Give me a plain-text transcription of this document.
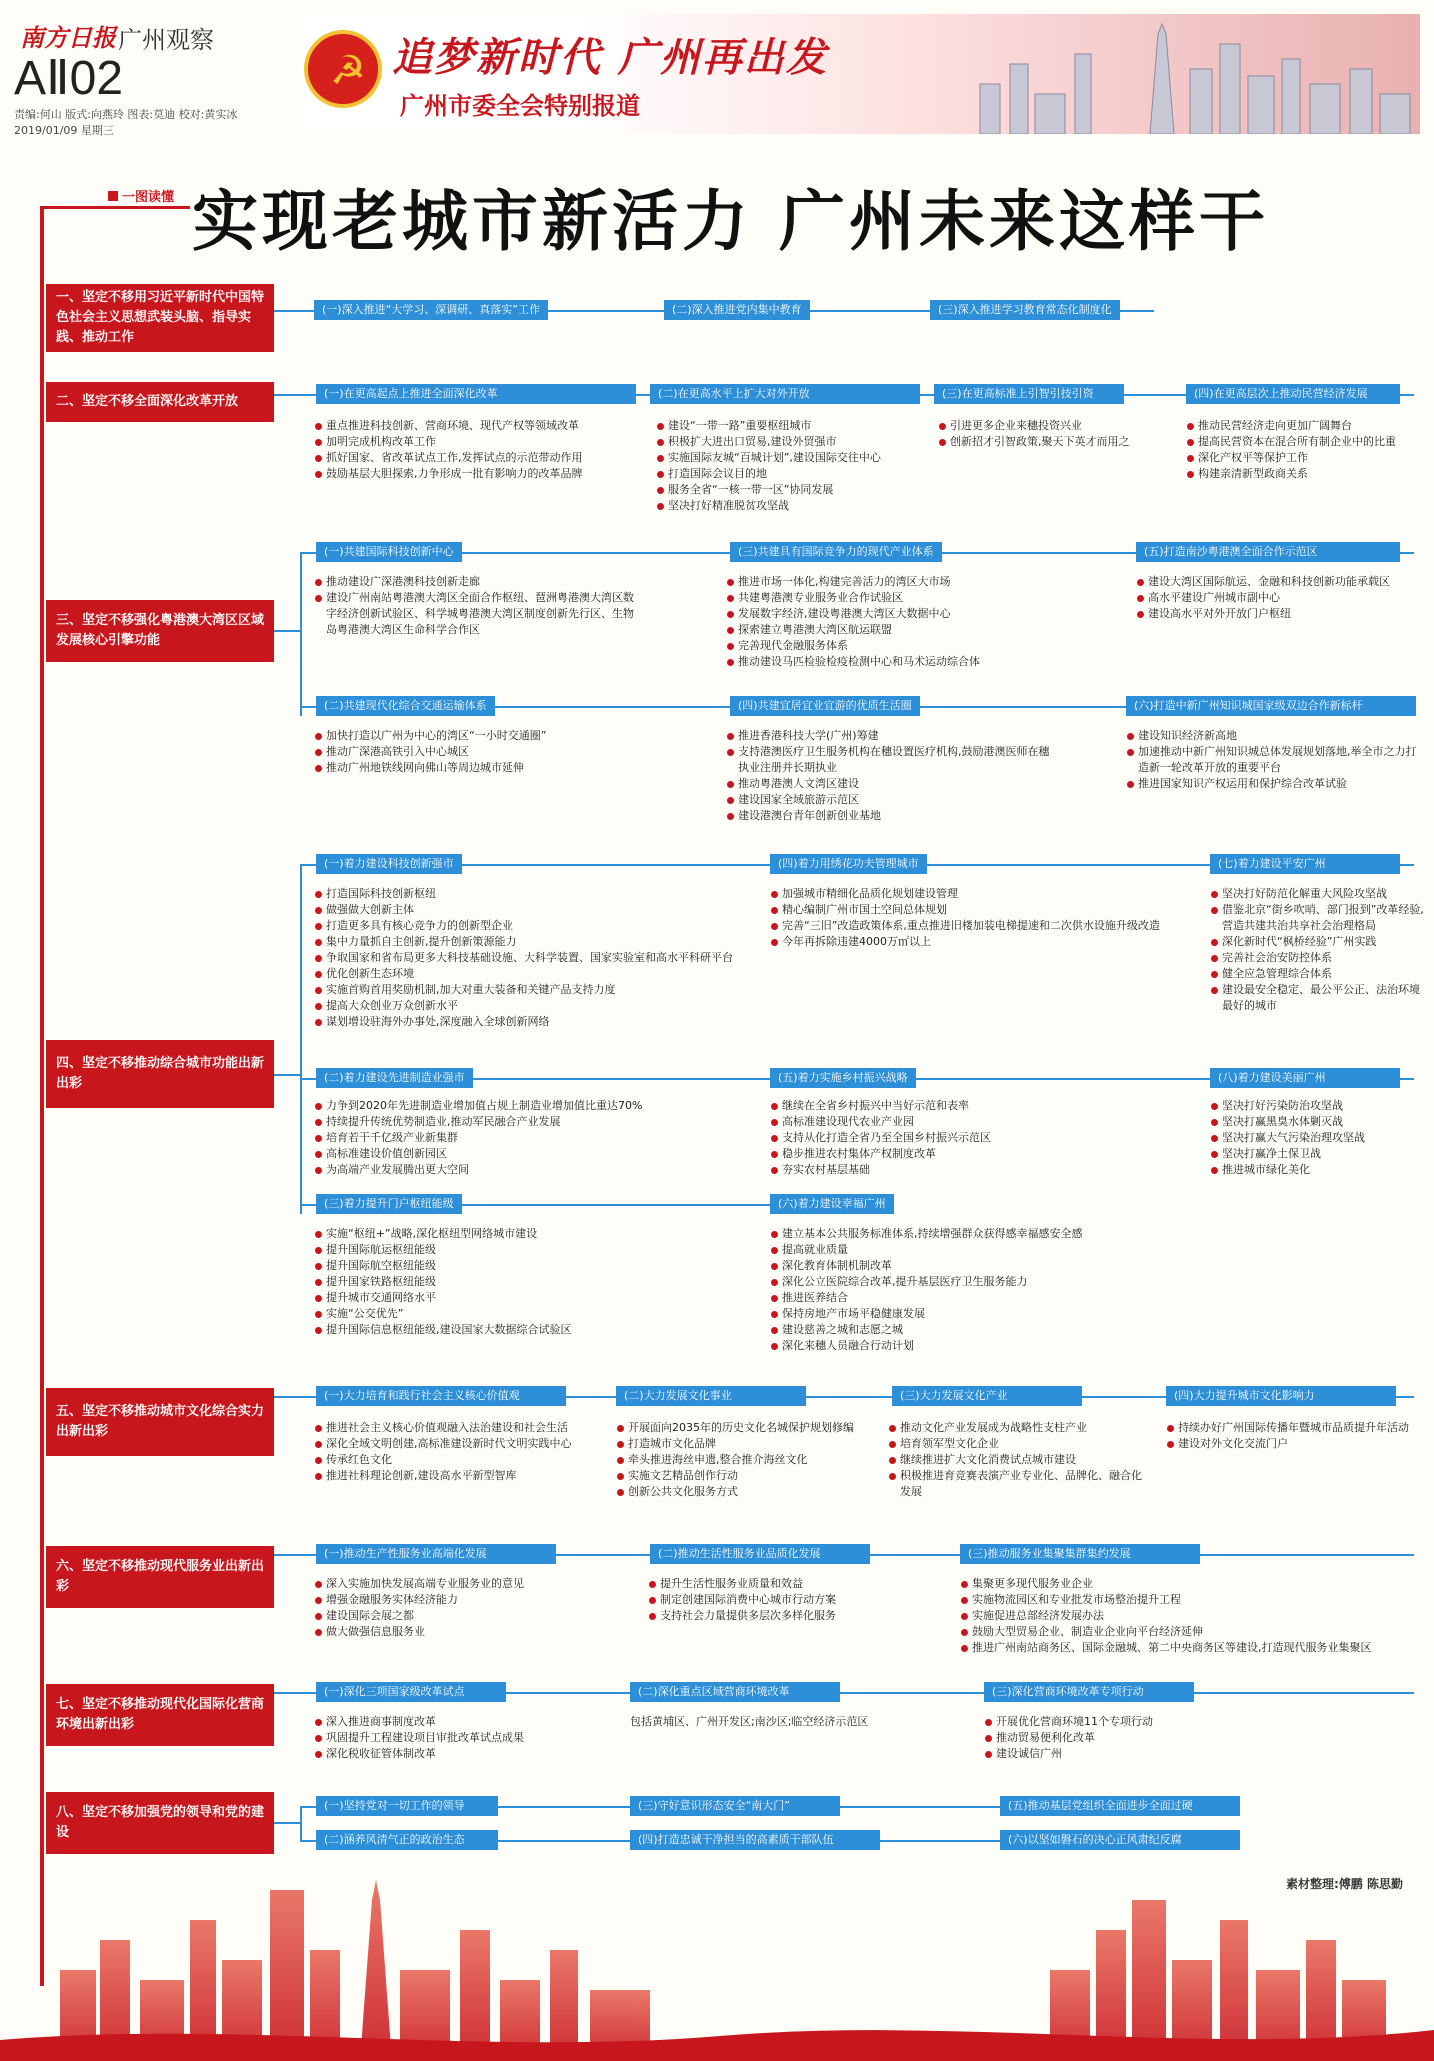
南方日报 广州观察
AⅡ02
责编:何山 版式:向燕玲 图表:莫迪 校对:黄实冰
2019/01/09 星期三
☭ 追梦新时代 广州再出发
广州市委全会特别报道
一图读懂 实现老城市新活力 广州未来这样干
一、坚定不移用习近平新时代中国特色社会主义思想武装头脑、指导实践、推动工作
(一)深入推进“大学习、深调研、真落实”工作	(二)深入推进党内集中教育	(三)深入推进学习教育常态化制度化
二、坚定不移全面深化改革开放
(一)在更高起点上推进全面深化改革	(二)在更高水平上扩大对外开放	(三)在更高标准上引智引技引资	(四)在更高层次上推动民营经济发展
重点推进科技创新、营商环境、现代产权等领域改革
加明完成机构改革工作
抓好国家、省改革试点工作,发挥试点的示范带动作用
鼓励基层大胆探索,力争形成一批有影响力的改革品牌
建设“一带一路”重要枢纽城市
积极扩大进出口贸易,建设外贸强市
实施国际友城“百城计划”,建设国际交往中心
打造国际会议目的地
服务全省“一核一带一区”协同发展
坚决打好精准脱贫攻坚战
引进更多企业来穗投资兴业
创新招才引智政策,聚天下英才而用之
推动民营经济走向更加广阔舞台
提高民营资本在混合所有制企业中的比重
深化产权平等保护工作
构建亲清新型政商关系
三、坚定不移强化粤港澳大湾区区域发展核心引擎功能
(一)共建国际科技创新中心	(三)共建具有国际竞争力的现代产业体系	(五)打造南沙粤港澳全面合作示范区
推动建设广深港澳科技创新走廊
建设广州南站粤港澳大湾区全面合作枢纽、琶洲粤港澳大湾区数字经济创新试验区、科学城粤港澳大湾区制度创新先行区、生物岛粤港澳大湾区生命科学合作区
推进市场一体化,构建完善活力的湾区大市场
共建粤港澳专业服务业合作试验区
发展数字经济,建设粤港澳大湾区大数据中心
探索建立粤港澳大湾区航运联盟
完善现代金融服务体系
推动建设马匹检验检疫检测中心和马术运动综合体
建设大湾区国际航运、金融和科技创新功能承载区
高水平建设广州城市副中心
建设高水平对外开放门户枢纽
(二)共建现代化综合交通运输体系	(四)共建宜居宜业宜游的优质生活圈	(六)打造中新广州知识城国家级双边合作新标杆
加快打造以广州为中心的湾区“一小时交通圈”
推动广深港高铁引入中心城区
推动广州地铁线网向佛山等周边城市延伸
推进香港科技大学(广州)筹建
支持港澳医疗卫生服务机构在穗设置医疗机构,鼓励港澳医师在穗执业注册并长期执业
推动粤港澳人文湾区建设
建设国家全域旅游示范区
建设港澳台青年创新创业基地
建设知识经济新高地
加速推动中新广州知识城总体发展规划落地,举全市之力打造新一轮改革开放的重要平台
推进国家知识产权运用和保护综合改革试验
四、坚定不移推动综合城市功能出新出彩
(一)着力建设科技创新强市	(四)着力用绣花功夫管理城市	(七)着力建设平安广州
打造国际科技创新枢纽
做强做大创新主体
打造更多具有核心竞争力的创新型企业
集中力量抓自主创新,提升创新策源能力
争取国家和省布局更多大科技基础设施、大科学装置、国家实验室和高水平科研平台
优化创新生态环境
实施首购首用奖励机制,加大对重大装备和关键产品支持力度
提高大众创业万众创新水平
谋划增设驻海外办事处,深度融入全球创新网络
加强城市精细化品质化规划建设管理
精心编制广州市国土空间总体规划
完善“三旧”改造政策体系,重点推进旧楼加装电梯提速和二次供水设施升级改造
今年再拆除违建4000万㎡以上
坚决打好防范化解重大风险攻坚战
借鉴北京“街乡吹哨、部门报到”改革经验,营造共建共治共享社会治理格局
深化新时代“枫桥经验”广州实践
完善社会治安防控体系
健全应急管理综合体系
建设最安全稳定、最公平公正、法治环境最好的城市
(二)着力建设先进制造业强市	(五)着力实施乡村振兴战略	(八)着力建设美丽广州
力争到2020年先进制造业增加值占规上制造业增加值比重达70%
持续提升传统优势制造业,推动军民融合产业发展
培育若干千亿级产业新集群
高标准建设价值创新园区
为高端产业发展腾出更大空间
继续在全省乡村振兴中当好示范和表率
高标准建设现代农业产业园
支持从化打造全省乃至全国乡村振兴示范区
稳步推进农村集体产权制度改革
夯实农村基层基础
坚决打好污染防治攻坚战
坚决打赢黑臭水体剿灭战
坚决打赢大气污染治理攻坚战
坚决打赢净土保卫战
推进城市绿化美化
(三)着力提升门户枢纽能级	(六)着力建设幸福广州
实施“枢纽+”战略,深化枢纽型网络城市建设
提升国际航运枢纽能级
提升国际航空枢纽能级
提升国家铁路枢纽能级
提升城市交通网络水平
实施“公交优先”
提升国际信息枢纽能级,建设国家大数据综合试验区
建立基本公共服务标准体系,持续增强群众获得感幸福感安全感
提高就业质量
深化教育体制机制改革
深化公立医院综合改革,提升基层医疗卫生服务能力
推进医养结合
保持房地产市场平稳健康发展
建设慈善之城和志愿之城
深化来穗人员融合行动计划
五、坚定不移推动城市文化综合实力出新出彩
(一)大力培育和践行社会主义核心价值观	(二)大力发展文化事业	(三)大力发展文化产业	(四)大力提升城市文化影响力
推进社会主义核心价值观融入法治建设和社会生活
深化全域文明创建,高标准建设新时代文明实践中心
传承红色文化
推进社科理论创新,建设高水平新型智库
开展面向2035年的历史文化名城保护规划修编
打造城市文化品牌
牵头推进海丝申遗,整合推介海丝文化
实施文艺精品创作行动
创新公共文化服务方式
推动文化产业发展成为战略性支柱产业
培育领军型文化企业
继续推进扩大文化消费试点城市建设
积极推进育竞赛表演产业专业化、品牌化、融合化发展
持续办好广州国际传播年暨城市品质提升年活动
建设对外文化交流门户
六、坚定不移推动现代服务业出新出彩
(一)推动生产性服务业高端化发展	(二)推动生活性服务业品质化发展	(三)推动服务业集聚集群集约发展
深入实施加快发展高端专业服务业的意见
增强金融服务实体经济能力
建设国际会展之都
做大做强信息服务业
提升生活性服务业质量和效益
制定创建国际消费中心城市行动方案
支持社会力量提供多层次多样化服务
集聚更多现代服务业企业
实施物流园区和专业批发市场整治提升工程
实施促进总部经济发展办法
鼓励大型贸易企业、制造业企业向平台经济延伸
推进广州南站商务区、国际金融城、第二中央商务区等建设,打造现代服务业集聚区
七、坚定不移推动现代化国际化营商环境出新出彩
(一)深化三项国家级改革试点	(二)深化重点区域营商环境改革	(三)深化营商环境改革专项行动
深入推进商事制度改革
巩固提升工程建设项目审批改革试点成果
深化税收征管体制改革
包括黄埔区、广州开发区;南沙区;临空经济示范区	开展优化营商环境11个专项行动
推动贸易便利化改革
建设诚信广州
八、坚定不移加强党的领导和党的建设
(一)坚持党对一切工作的领导	(三)守好意识形态安全“南大门”	(五)推动基层党组织全面进步全面过硬
(二)涵养风清气正的政治生态	(四)打造忠诚干净担当的高素质干部队伍	(六)以坚如磐石的决心正风肃纪反腐
素材整理:傅鹏 陈思勤
